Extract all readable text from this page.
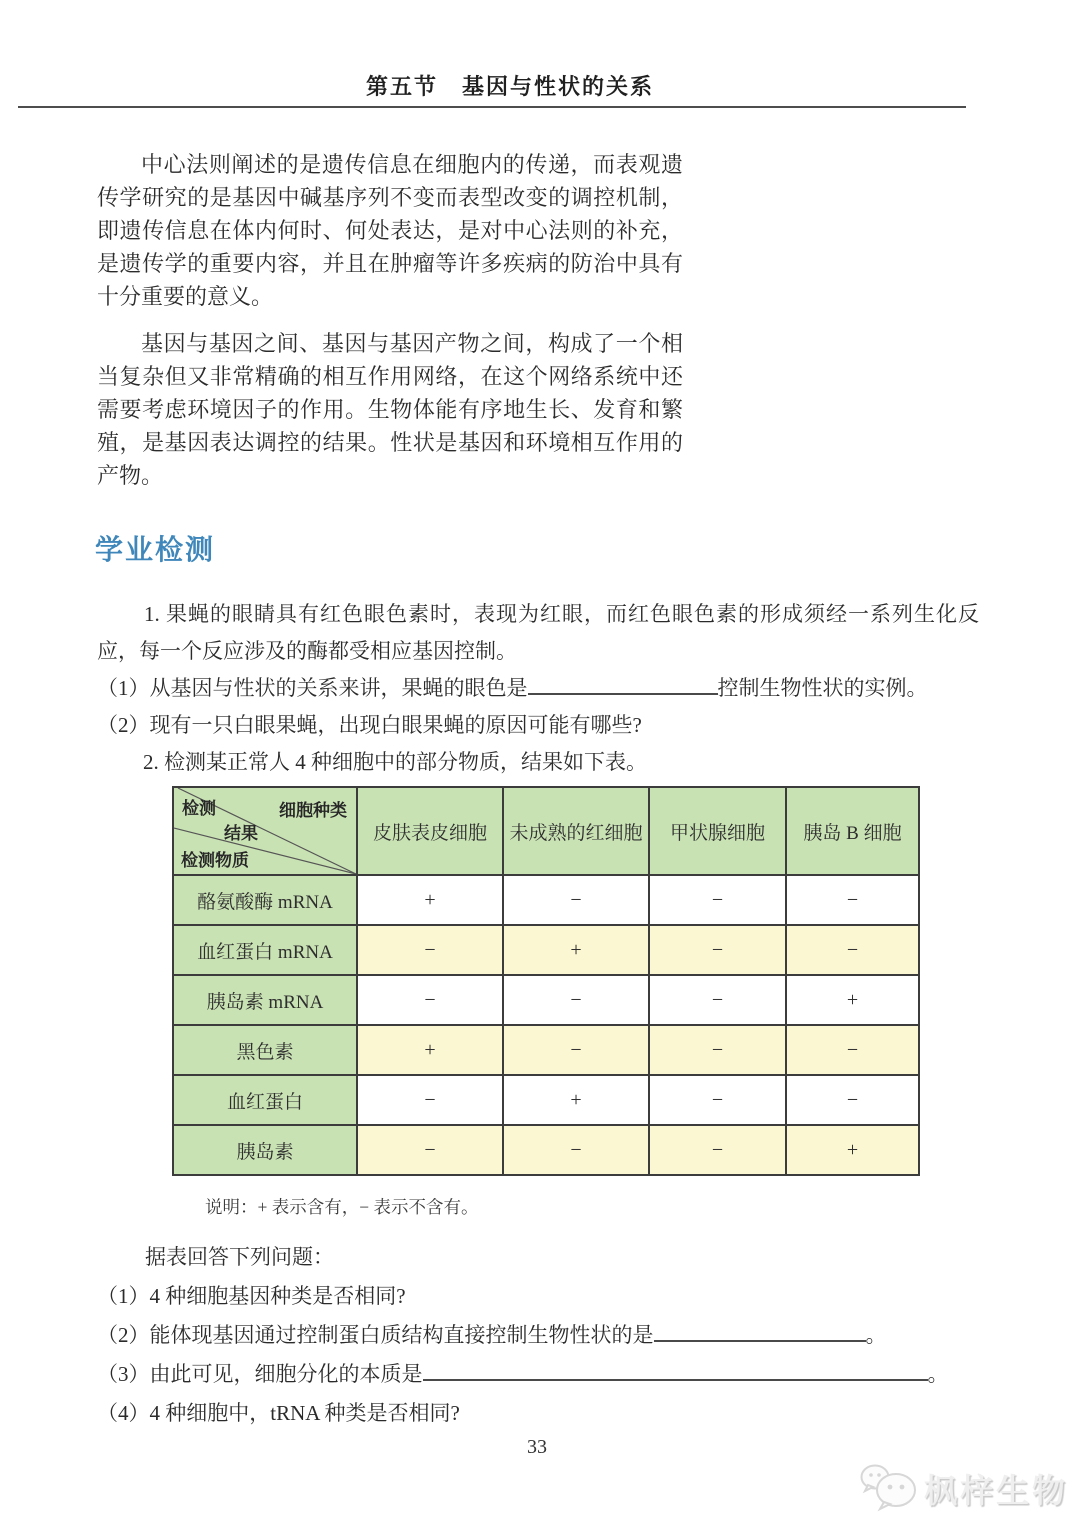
第五节　基因与性状的关系

中心法则阐述的是遗传信息在细胞内的传递，而表观遗传学研究的是基因中碱基序列不变而表型改变的调控机制，即遗传信息在体内何时、何处表达，是对中心法则的补充，是遗传学的重要内容，并且在肿瘤等许多疾病的防治中具有十分重要的意义。

基因与基因之间、基因与基因产物之间，构成了一个相当复杂但又非常精确的相互作用网络，在这个网络系统中还需要考虑环境因子的作用。生物体能有序地生长、发育和繁殖，是基因表达调控的结果。性状是基因和环境相互作用的产物。

学业检测

1. 果蝇的眼睛具有红色眼色素时，表现为红眼，而红色眼色素的形成须经一系列生化反应，每一个反应涉及的酶都受相应基因控制。

（1）从基因与性状的关系来讲，果蝇的眼色是	控制生物性状的实例。

（2）现有一只白眼果蝇，出现白眼果蝇的原因可能有哪些?

2. 检测某正常人 4 种细胞中的部分物质，结果如下表。

检测 细胞种类
结果
检测物质	皮肤表皮细胞	未成熟的红细胞	甲状腺细胞	胰岛 B 细胞
酪氨酸酶 mRNA	+	−	−	−
血红蛋白 mRNA	−	+	−	−
胰岛素 mRNA	−	−	−	+
黑色素	+	−	−	−
血红蛋白	−	+	−	−
胰岛素	−	−	−	+
说明：+ 表示含有，− 表示不含有。

据表回答下列问题：

（1）4 种细胞基因种类是否相同?

（2）能体现基因通过控制蛋白质结构直接控制生物性状的是	。

（3）由此可见，细胞分化的本质是	。

（4）4 种细胞中，tRNA 种类是否相同?

33
枫梓生物
